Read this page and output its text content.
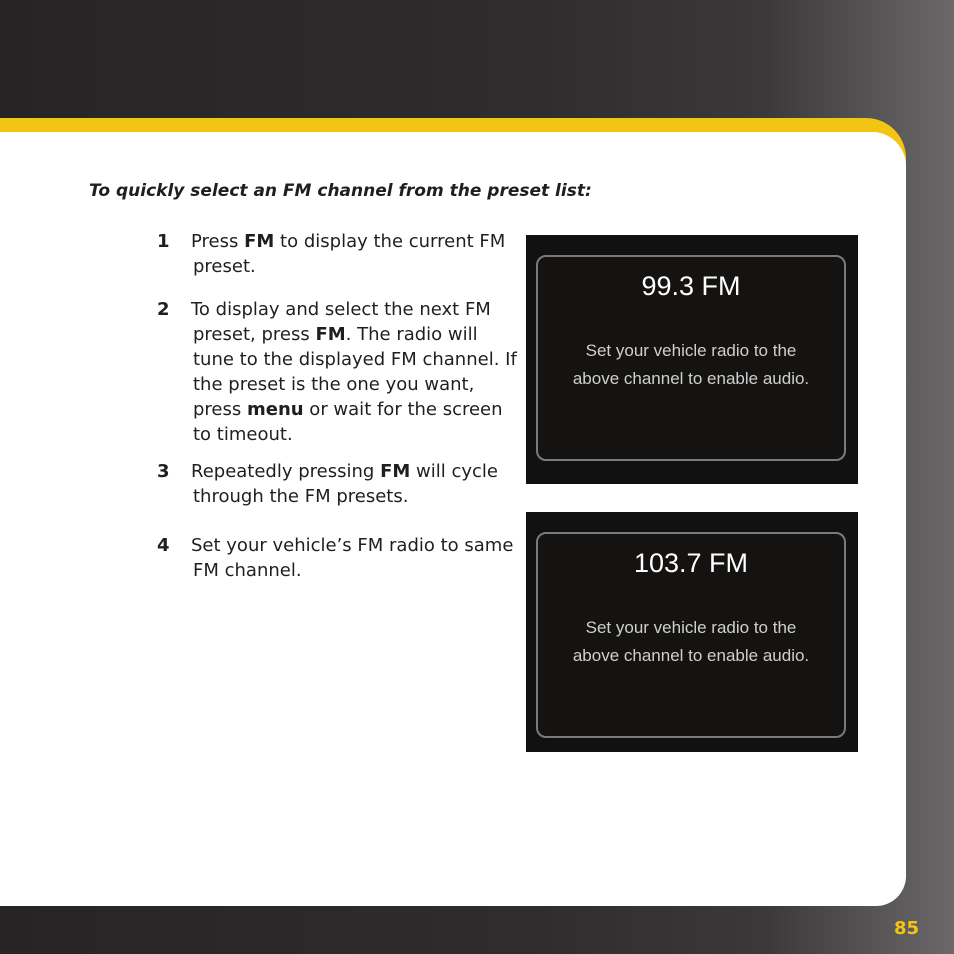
To quickly select an FM channel from the preset list:

1 Press FM to display the current FM preset.
2 To display and select the next FM preset, press FM. The radio will tune to the displayed FM channel. If the preset is the one you want, press menu or wait for the screen to timeout.
3 Repeatedly pressing FM will cycle through the FM presets.
4 Set your vehicle’s FM radio to same FM channel.
99.3 FM
Set your vehicle radio to the
above channel to enable audio.
103.7 FM
Set your vehicle radio to the
above channel to enable audio.
85
